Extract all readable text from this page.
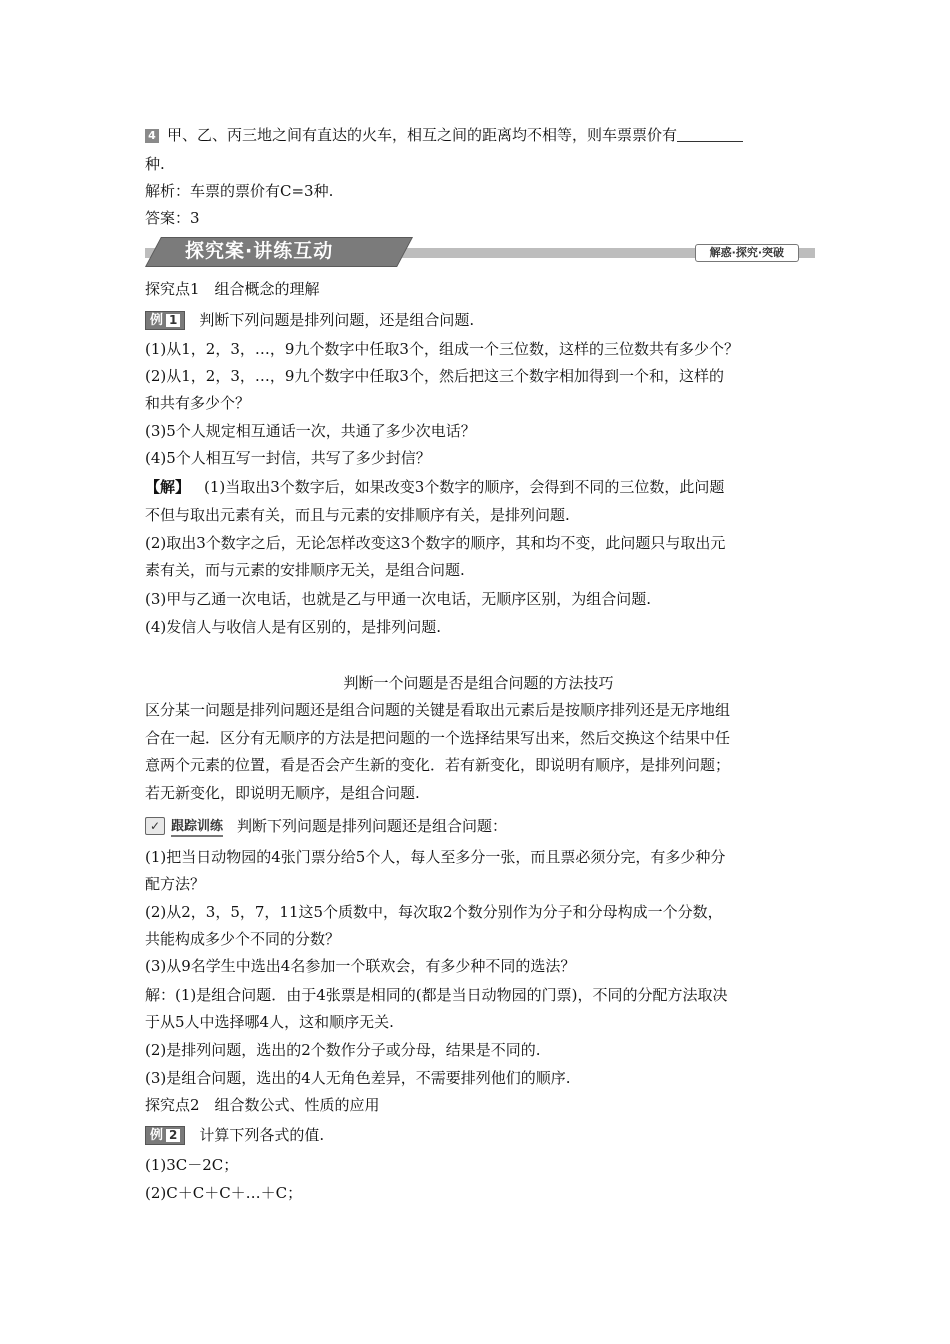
4 甲、乙、丙三地之间有直达的火车，相互之间的距离均不相等，则车票票价有
种.
解析：车票的票价有C=3种.
答案：3
探究案·讲练互动	解惑·探究·突破
探究点1　组合概念的理解
例 1 判断下列问题是排列问题，还是组合问题.
(1)从1，2，3，…，9九个数字中任取3个，组成一个三位数，这样的三位数共有多少个？
(2)从1，2，3，…，9九个数字中任取3个，然后把这三个数字相加得到一个和，这样的
和共有多少个？
(3)5个人规定相互通话一次，共通了多少次电话？
(4)5个人相互写一封信，共写了多少封信？
【解】 (1)当取出3个数字后，如果改变3个数字的顺序，会得到不同的三位数，此问题
不但与取出元素有关，而且与元素的安排顺序有关，是排列问题.
(2)取出3个数字之后，无论怎样改变这3个数字的顺序，其和均不变，此问题只与取出元
素有关，而与元素的安排顺序无关，是组合问题.
(3)甲与乙通一次电话，也就是乙与甲通一次电话，无顺序区别，为组合问题.
(4)发信人与收信人是有区别的，是排列问题.
判断一个问题是否是组合问题的方法技巧
区分某一问题是排列问题还是组合问题的关键是看取出元素后是按顺序排列还是无序地组
合在一起．区分有无顺序的方法是把问题的一个选择结果写出来，然后交换这个结果中任
意两个元素的位置，看是否会产生新的变化．若有新变化，即说明有顺序，是排列问题；
若无新变化，即说明无顺序，是组合问题.
✓ 跟踪训练 判断下列问题是排列问题还是组合问题：
(1)把当日动物园的4张门票分给5个人，每人至多分一张，而且票必须分完，有多少种分
配方法？
(2)从2，3，5，7，11这5个质数中，每次取2个数分别作为分子和分母构成一个分数，
共能构成多少个不同的分数？
(3)从9名学生中选出4名参加一个联欢会，有多少种不同的选法？
解：(1)是组合问题．由于4张票是相同的(都是当日动物园的门票)，不同的分配方法取决
于从5人中选择哪4人，这和顺序无关.
(2)是排列问题，选出的2个数作分子或分母，结果是不同的.
(3)是组合问题，选出的4人无角色差异，不需要排列他们的顺序.
探究点2　组合数公式、性质的应用
例 2 计算下列各式的值.
(1)3C－2C；
(2)C＋C＋C＋…＋C；
